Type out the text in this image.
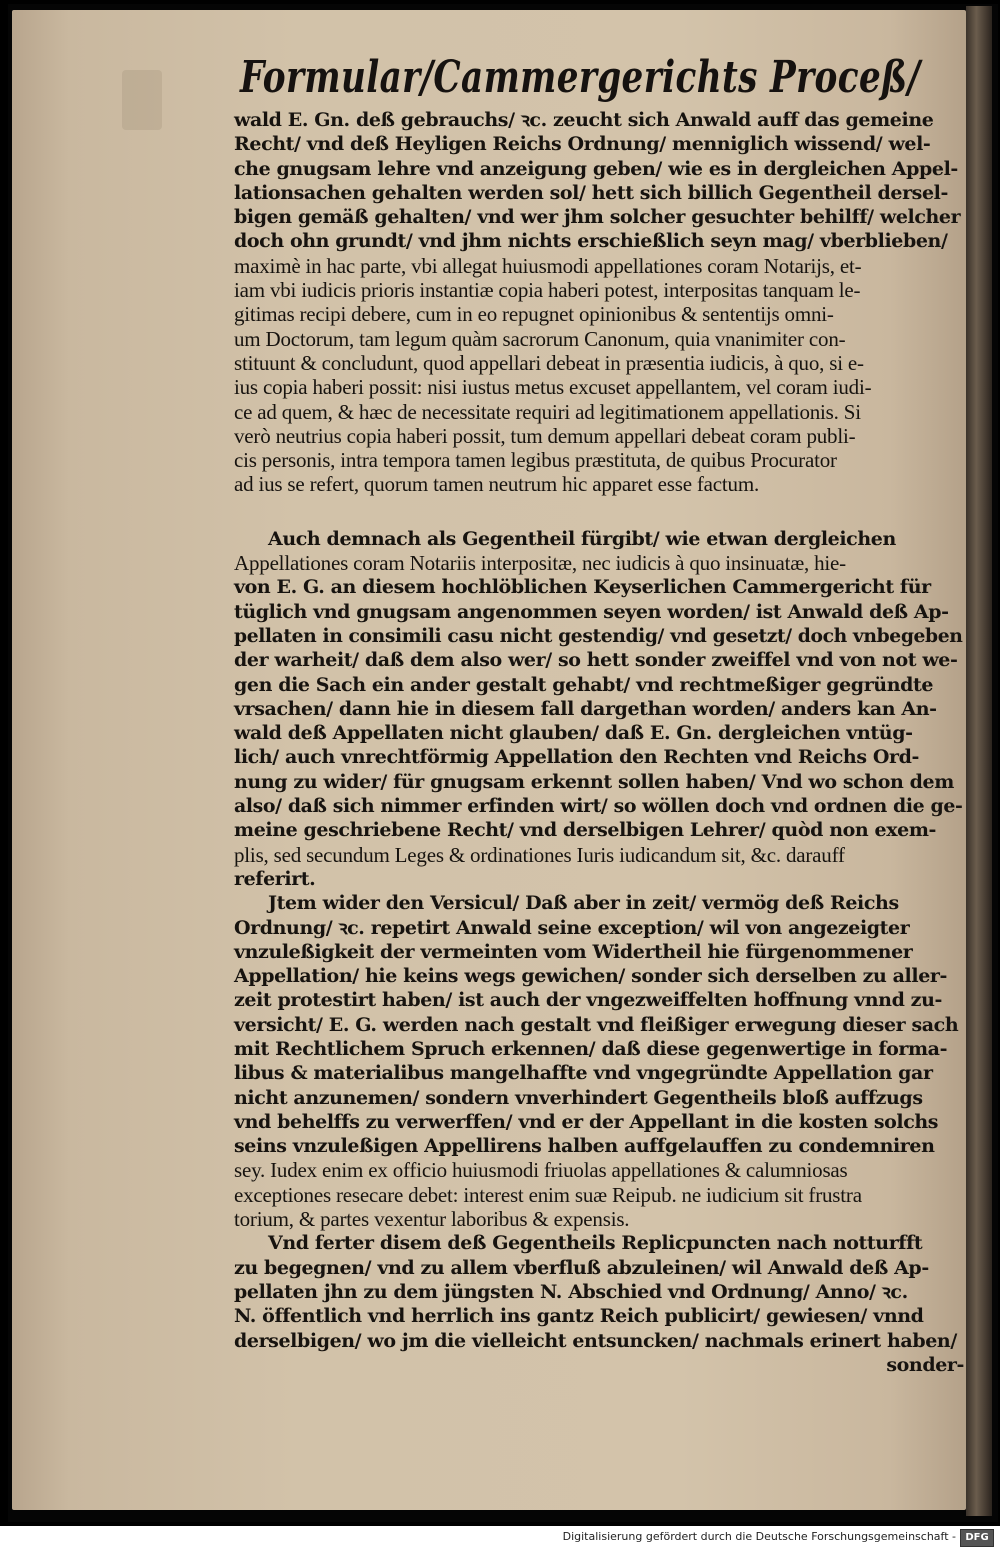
Formular/Cammergerichts Proceß/
wald E. Gn. deß gebrauchs/ ꝛc. zeucht sich Anwald auff das gemeine
Recht/ vnd deß Heyligen Reichs Ordnung/ menniglich wissend/ wel-
che gnugsam lehre vnd anzeigung geben/ wie es in dergleichen Appel-
lationsachen gehalten werden sol/ hett sich billich Gegentheil dersel-
bigen gemäß gehalten/ vnd wer jhm solcher gesuchter behilff/ welcher
doch ohn grundt/ vnd jhm nichts erschießlich seyn mag/ vberblieben/
maximè in hac parte, vbi allegat huiusmodi appellationes coram Notarijs, et-
iam vbi iudicis prioris instantiæ copia haberi potest, interpositas tanquam le-
gitimas recipi debere, cum in eo repugnet opinionibus & sententijs omni-
um Doctorum, tam legum quàm sacrorum Canonum, quia vnanimiter con-
stituunt & concludunt, quod appellari debeat in præsentia iudicis, à quo, si e-
ius copia haberi possit: nisi iustus metus excuset appellantem, vel coram iudi-
ce ad quem, & hæc de necessitate requiri ad legitimationem appellationis. Si
verò neutrius copia haberi possit, tum demum appellari debeat coram publi-
cis personis, intra tempora tamen legibus præstituta, de quibus Procurator
ad ius se refert, quorum tamen neutrum hic apparet esse factum.
Auch demnach als Gegentheil fürgibt/ wie etwan dergleichen
Appellationes coram Notariis interpositæ, nec iudicis à quo insinuatæ, hie-
von E. G. an diesem hochlöblichen Keyserlichen Cammergericht für
tüglich vnd gnugsam angenommen seyen worden/ ist Anwald deß Ap-
pellaten in consimili casu nicht gestendig/ vnd gesetzt/ doch vnbegeben
der warheit/ daß dem also wer/ so hett sonder zweiffel vnd von not we-
gen die Sach ein ander gestalt gehabt/ vnd rechtmeßiger gegründte
vrsachen/ dann hie in diesem fall dargethan worden/ anders kan An-
wald deß Appellaten nicht glauben/ daß E. Gn. dergleichen vntüg-
lich/ auch vnrechtförmig Appellation den Rechten vnd Reichs Ord-
nung zu wider/ für gnugsam erkennt sollen haben/ Vnd wo schon dem
also/ daß sich nimmer erfinden wirt/ so wöllen doch vnd ordnen die ge-
meine geschriebene Recht/ vnd derselbigen Lehrer/ quòd non exem-
plis, sed secundum Leges & ordinationes Iuris iudicandum sit, &c. darauff
referirt.
Jtem wider den Versicul/ Daß aber in zeit/ vermög deß Reichs
Ordnung/ ꝛc. repetirt Anwald seine exception/ wil von angezeigter
vnzuleßigkeit der vermeinten vom Widertheil hie fürgenommener
Appellation/ hie keins wegs gewichen/ sonder sich derselben zu aller-
zeit protestirt haben/ ist auch der vngezweiffelten hoffnung vnnd zu-
versicht/ E. G. werden nach gestalt vnd fleißiger erwegung dieser sach
mit Rechtlichem Spruch erkennen/ daß diese gegenwertige in forma-
libus & materialibus mangelhaffte vnd vngegründte Appellation gar
nicht anzunemen/ sondern vnverhindert Gegentheils bloß auffzugs
vnd behelffs zu verwerffen/ vnd er der Appellant in die kosten solchs
seins vnzuleßigen Appellirens halben auffgelauffen zu condemniren
sey. Iudex enim ex officio huiusmodi friuolas appellationes & calumniosas
exceptiones resecare debet: interest enim suæ Reipub. ne iudicium sit frustra
torium, & partes vexentur laboribus & expensis.
Vnd ferter disem deß Gegentheils Replicpuncten nach notturfft
zu begegnen/ vnd zu allem vberfluß abzuleinen/ wil Anwald deß Ap-
pellaten jhn zu dem jüngsten N. Abschied vnd Ordnung/ Anno/ ꝛc.
N. öffentlich vnd herrlich ins gantz Reich publicirt/ gewiesen/ vnnd
derselbigen/ wo jm die vielleicht entsuncken/ nachmals erinert haben/
sonder-
Digitalisierung gefördert durch die Deutsche Forschungsgemeinschaft - DFG
